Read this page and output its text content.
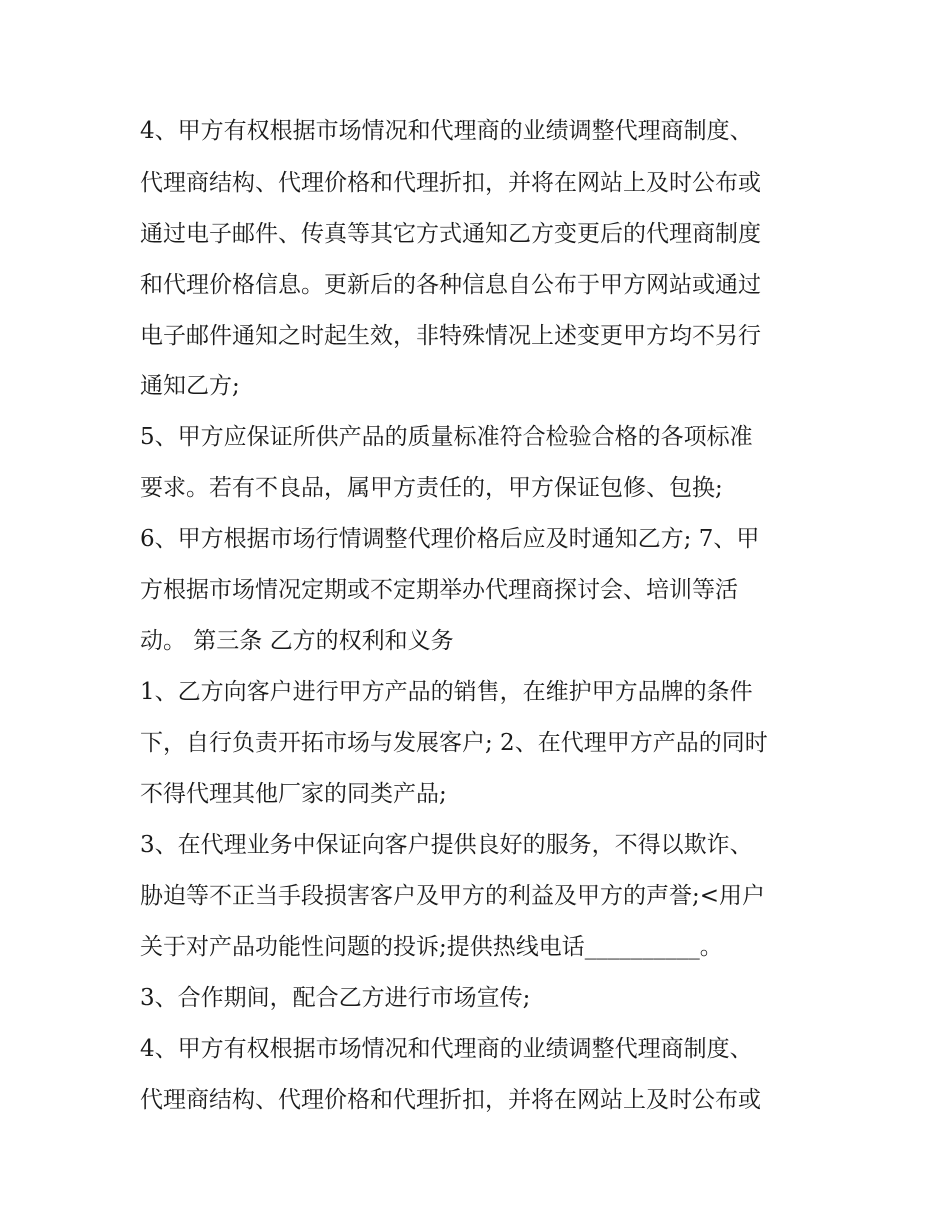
4、甲方有权根据市场情况和代理商的业绩调整代理商制度、
代理商结构、代理价格和代理折扣，并将在网站上及时公布或
通过电子邮件、传真等其它方式通知乙方变更后的代理商制度
和代理价格信息。更新后的各种信息自公布于甲方网站或通过
电子邮件通知之时起生效，非特殊情况上述变更甲方均不另行
通知乙方;
5、甲方应保证所供产品的质量标准符合检验合格的各项标准
要求。若有不良品，属甲方责任的，甲方保证包修、包换;
6、甲方根据市场行情调整代理价格后应及时通知乙方; 7、甲
方根据市场情况定期或不定期举办代理商探讨会、培训等活
动。 第三条 乙方的权利和义务
1、乙方向客户进行甲方产品的销售，在维护甲方品牌的条件
下，自行负责开拓市场与发展客户; 2、在代理甲方产品的同时
不得代理其他厂家的同类产品;
3、在代理业务中保证向客户提供良好的服务，不得以欺诈、
胁迫等不正当手段损害客户及甲方的利益及甲方的声誉;<用户
关于对产品功能性问题的投诉;提供热线电话__________。
3、合作期间，配合乙方进行市场宣传;
4、甲方有权根据市场情况和代理商的业绩调整代理商制度、
代理商结构、代理价格和代理折扣，并将在网站上及时公布或
